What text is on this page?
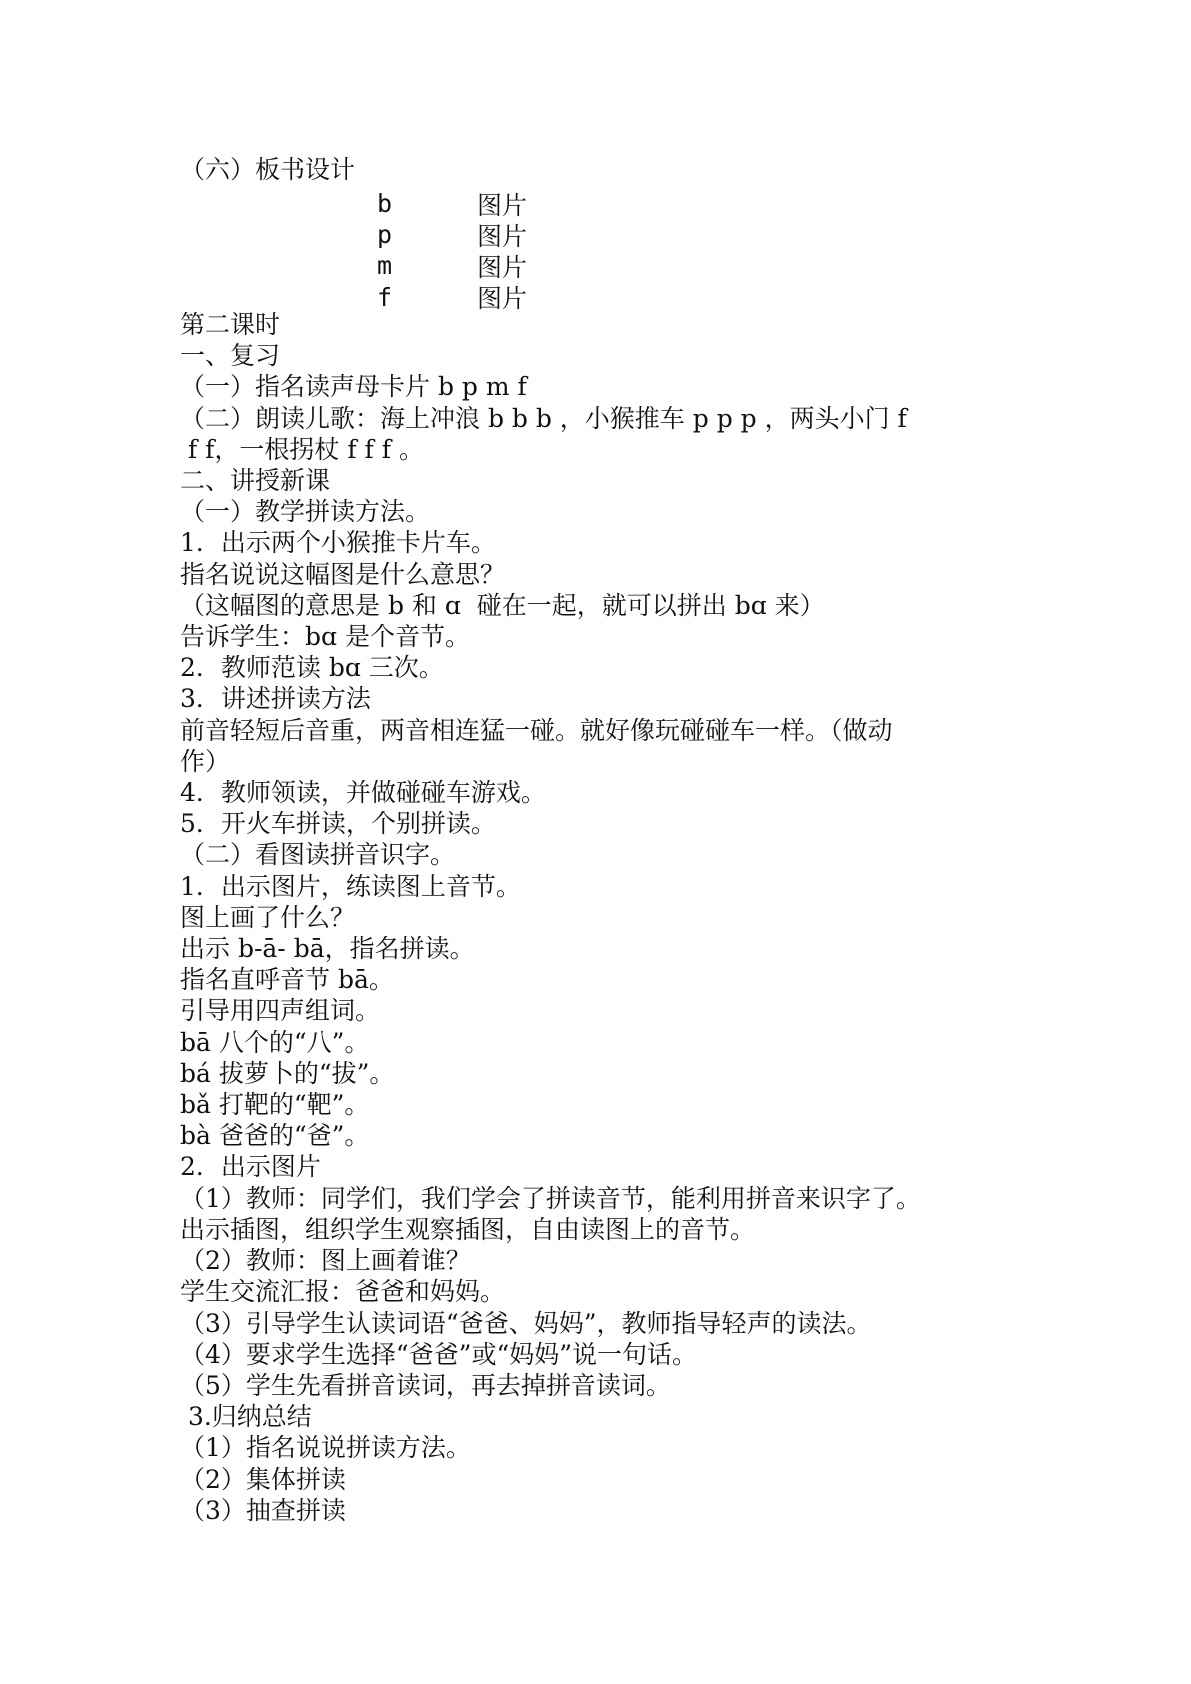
（六）板书设计
b	图片
p	图片
m	图片
f	图片
第二课时
一、复习
（一）指名读声母卡片 b p m f
（二）朗读儿歌：海上冲浪 b b b ，小猴推车 p p p ，两头小门 f
f f，一根拐杖 f f f 。
二、讲授新课
（一）教学拼读方法。
1．出示两个小猴推卡片车。
指名说说这幅图是什么意思？
（这幅图的意思是 b 和 ɑ  碰在一起，就可以拼出 bɑ 来）
告诉学生：bɑ 是个音节。
2．教师范读 bɑ 三次。
3．讲述拼读方法
前音轻短后音重，两音相连猛一碰。就好像玩碰碰车一样。（做动
作）
4．教师领读，并做碰碰车游戏。
5．开火车拼读，个别拼读。
（二）看图读拼音识字。
1．出示图片，练读图上音节。
图上画了什么？
出示 b-ā- bā，指名拼读。
指名直呼音节 bā。
引导用四声组词。
bā 八个的“八”。
bá 拔萝卜的“拔”。
bǎ 打靶的“靶”。
bà 爸爸的“爸”。
2．出示图片
（1）教师：同学们，我们学会了拼读音节，能利用拼音来识字了。
出示插图，组织学生观察插图，自由读图上的音节。
（2）教师：图上画着谁？
学生交流汇报：爸爸和妈妈。
（3）引导学生认读词语“爸爸、妈妈”，教师指导轻声的读法。
（4）要求学生选择“爸爸”或“妈妈”说一句话。
（5）学生先看拼音读词，再去掉拼音读词。
3.归纳总结
（1）指名说说拼读方法。
（2）集体拼读
（3）抽查拼读
